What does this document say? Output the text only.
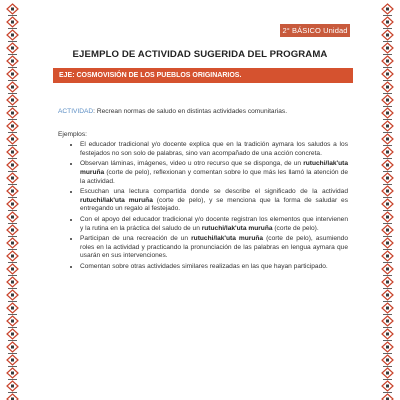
2° BÁSICO Unidad 2
EJEMPLO DE ACTIVIDAD SUGERIDA DEL PROGRAMA
EJE: COSMOVISIÓN DE LOS PUEBLOS ORIGINARIOS.

ACTIVIDAD: Recrean normas de saludo en distintas actividades comunitarias.

Ejemplos:

• El educador tradicional y/o docente explica que en la tradición aymara los saludos a los festejados no son solo de palabras, sino van acompañado de una acción concreta.
• Observan láminas, imágenes, video u otro recurso que se disponga, de un rutuchi/lak'uta muruña (corte de pelo), reflexionan y comentan sobre lo que más les llamó la atención de la actividad.
• Escuchan una lectura compartida donde se describe el significado de la actividad rutuchi/lak'uta muruña (corte de pelo), y se menciona que la forma de saludar es entregando un regalo al festejado.
• Con el apoyo del educador tradicional y/o docente registran los elementos que intervienen y la rutina en la práctica del saludo de un rutuchi/lak'uta muruña (corte de pelo).
• Participan de una recreación de un rutuchi/lak'uta muruña (corte de pelo), asumiendo roles en la actividad y practicando la pronunciación de las palabras en lengua aymara que usarán en sus intervenciones.
• Comentan sobre otras actividades similares realizadas en las que hayan participado.
